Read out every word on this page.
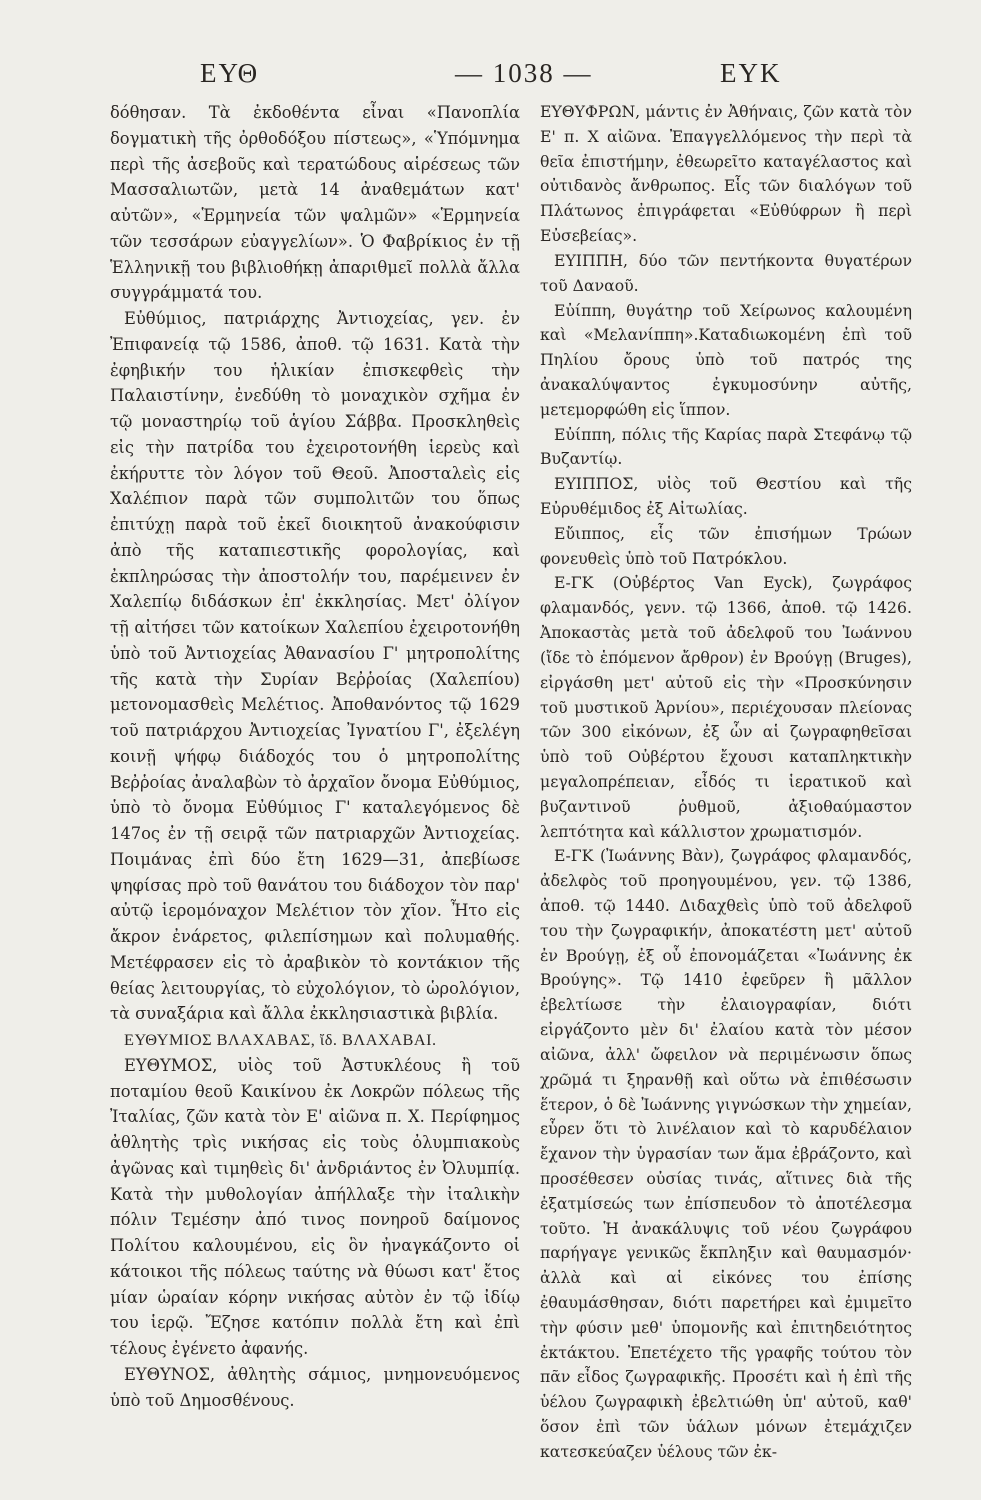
ΕΥΘ	— 1038 —	ΕΥΚ

δόθησαν. Τὰ ἐκδοθέντα εἶναι «Πανοπλία δογματικὴ τῆς ὀρθοδόξου πίστεως», «Ὑπόμνημα περὶ τῆς ἀσεβοῦς καὶ τερατώδους αἱρέσεως τῶν Μασσαλιωτῶν, μετὰ 14 ἀναθεμάτων κατ' αὐτῶν», «Ἑρμηνεία τῶν ψαλμῶν» «Ἑρμηνεία τῶν τεσσάρων εὐαγγελίων». Ὁ Φαβρίκιος ἐν τῇ Ἑλληνικῇ του βιβλιοθήκῃ ἀπαριθμεῖ πολλὰ ἄλλα συγγράμματά του.

Εὐθύμιος, πατριάρχης Ἀντιοχείας, γεν. ἐν Ἐπιφανείᾳ τῷ 1586, ἀποθ. τῷ 1631. Κατὰ τὴν ἐφηβικήν του ἡλικίαν ἐπισκεφθεὶς τὴν Παλαιστίνην, ἐνεδύθη τὸ μοναχικὸν σχῆμα ἐν τῷ μοναστηρίῳ τοῦ ἁγίου Σάββα. Προσκληθεὶς εἰς τὴν πατρίδα του ἐχειροτονήθη ἱερεὺς καὶ ἐκήρυττε τὸν λόγον τοῦ Θεοῦ. Ἀποσταλεὶς εἰς Χαλέπιον παρὰ τῶν συμπολιτῶν του ὅπως ἐπιτύχῃ παρὰ τοῦ ἐκεῖ διοικητοῦ ἀνακούφισιν ἀπὸ τῆς καταπιεστικῆς φορολογίας, καὶ ἐκπληρώσας τὴν ἀποστολήν του, παρέμεινεν ἐν Χαλεπίῳ διδάσκων ἐπ' ἐκκλησίας. Μετ' ὀλίγον τῇ αἰτήσει τῶν κατοίκων Χαλεπίου ἐχειροτονήθη ὑπὸ τοῦ Ἀντιοχείας Ἀθανασίου Γ' μητροπολίτης τῆς κατὰ τὴν Συρίαν Βεῤῥοίας (Χαλεπίου) μετονομασθεὶς Μελέτιος. Ἀποθανόντος τῷ 1629 τοῦ πατριάρχου Ἀντιοχείας Ἰγνατίου Γ', ἐξελέγη κοινῇ ψήφῳ διάδοχός του ὁ μητροπολίτης Βεῤῥοίας ἀναλαβὼν τὸ ἀρχαῖον ὄνομα Εὐθύμιος, ὑπὸ τὸ ὄνομα Εὐθύμιος Γ' καταλεγόμενος δὲ 147ος ἐν τῇ σειρᾷ τῶν πατριαρχῶν Ἀντιοχείας. Ποιμάνας ἐπὶ δύο ἔτη 1629—31, ἀπεβίωσε ψηφίσας πρὸ τοῦ θανάτου του διάδοχον τὸν παρ' αὐτῷ ἱερομόναχον Μελέτιον τὸν χῖον. Ἦτο εἰς ἄκρον ἐνάρετος, φιλεπίσημων καὶ πολυμαθής. Μετέφρασεν εἰς τὸ ἀραβικὸν τὸ κοντάκιον τῆς θείας λειτουργίας, τὸ εὐχολόγιον, τὸ ὡρολόγιον, τὰ συναξάρια καὶ ἄλλα ἐκκλησιαστικὰ βιβλία.

ΕΥΘΥΜΙΟΣ ΒΛΑΧΑΒΑΣ, ἴδ. ΒΛΑΧΑΒΑΙ.

ΕΥΘΥΜΟΣ, υἱὸς τοῦ Ἀστυκλέους ἢ τοῦ ποταμίου θεοῦ Καικίνου ἐκ Λοκρῶν πόλεως τῆς Ἰταλίας, ζῶν κατὰ τὸν Ε' αἰῶνα π. Χ. Περίφημος ἀθλητὴς τρὶς νικήσας εἰς τοὺς ὀλυμπιακοὺς ἀγῶνας καὶ τιμηθεὶς δι' ἀνδριάντος ἐν Ὀλυμπίᾳ. Κατὰ τὴν μυθολογίαν ἀπήλλαξε τὴν ἰταλικὴν πόλιν Τεμέσην ἀπό τινος πονηροῦ δαίμονος Πολίτου καλουμένου, εἰς ὃν ἠναγκάζοντο οἱ κάτοικοι τῆς πόλεως ταύτης νὰ θύωσι κατ' ἔτος μίαν ὡραίαν κόρην νικήσας αὐτὸν ἐν τῷ ἰδίῳ του ἱερῷ. Ἔζησε κατόπιν πολλὰ ἔτη καὶ ἐπὶ τέλους ἐγένετο ἀφανής.

ΕΥΘΥΝΟΣ, ἀθλητὴς σάμιος, μνημονευόμενος ὑπὸ τοῦ Δημοσθένους.

ΕΥΘΥΦΡΩΝ, μάντις ἐν Ἀθήναις, ζῶν κατὰ τὸν Ε' π. Χ αἰῶνα. Ἐπαγγελλόμενος τὴν περὶ τὰ θεῖα ἐπιστήμην, ἐθεωρεῖτο καταγέλαστος καὶ οὐτιδανὸς ἄνθρωπος. Εἷς τῶν διαλόγων τοῦ Πλάτωνος ἐπιγράφεται «Εὐθύφρων ἢ περὶ Εὐσεβείας».

ΕΥΙΠΠΗ, δύο τῶν πεντήκοντα θυγατέρων τοῦ Δαναοῦ.

Εὐίππη, θυγάτηρ τοῦ Χείρωνος καλουμένη καὶ «Μελανίππη».Καταδιωκομένη ἐπὶ τοῦ Πηλίου ὄρους ὑπὸ τοῦ πατρός της ἀνακαλύψαντος ἐγκυμοσύνην αὐτῆς, μετεμορφώθη εἰς ἵππον.

Εὐίππη, πόλις τῆς Καρίας παρὰ Στεφάνῳ τῷ Βυζαντίῳ.

ΕΥΙΠΠΟΣ, υἱὸς τοῦ Θεστίου καὶ τῆς Εὐρυθέμιδος ἐξ Αἰτωλίας.

Εὔιππος, εἷς τῶν ἐπισήμων Τρώων φονευθεὶς ὑπὸ τοῦ Πατρόκλου.

Ε-ΓΚ (Οὐβέρτος Van Eyck), ζωγράφος φλαμανδός, γενν. τῷ 1366, ἀποθ. τῷ 1426. Ἀποκαστὰς μετὰ τοῦ ἀδελφοῦ του Ἰωάννου (ἴδε τὸ ἑπόμενον ἄρθρον) ἐν Βρούγῃ (Bruges), εἰργάσθη μετ' αὐτοῦ εἰς τὴν «Προσκύνησιν τοῦ μυστικοῦ Ἀρνίου», περιέχουσαν πλείονας τῶν 300 εἰκόνων, ἐξ ὧν αἱ ζωγραφηθεῖσαι ὑπὸ τοῦ Οὐβέρτου ἔχουσι καταπληκτικὴν μεγαλοπρέπειαν, εἶδός τι ἱερατικοῦ καὶ βυζαντινοῦ ῥυθμοῦ, ἀξιοθαύμαστον λεπτότητα καὶ κάλλιστον χρωματισμόν.

Ε-ΓΚ (Ἰωάννης Βὰν), ζωγράφος φλαμανδός, ἀδελφὸς τοῦ προηγουμένου, γεν. τῷ 1386, ἀποθ. τῷ 1440. Διδαχθεὶς ὑπὸ τοῦ ἀδελφοῦ του τὴν ζωγραφικήν, ἀποκατέστη μετ' αὐτοῦ ἐν Βρούγῃ, ἐξ οὗ ἐπονομάζεται «Ἰωάννης ἐκ Βρούγης». Τῷ 1410 ἐφεῦρεν ἢ μᾶλλον ἐβελτίωσε τὴν ἐλαιογραφίαν, διότι εἰργάζοντο μὲν δι' ἐλαίου κατὰ τὸν μέσον αἰῶνα, ἀλλ' ὤφειλον νὰ περιμένωσιν ὅπως χρῶμά τι ξηρανθῇ καὶ οὕτω νὰ ἐπιθέσωσιν ἕτερον, ὁ δὲ Ἰωάννης γιγνώσκων τὴν χημείαν, εὗρεν ὅτι τὸ λινέλαιον καὶ τὸ καρυδέλαιον ἔχανον τὴν ὑγρασίαν των ἅμα ἐβράζοντο, καὶ προσέθεσεν οὐσίας τινάς, αἵτινες διὰ τῆς ἐξατμίσεώς των ἐπίσπευδον τὸ ἀποτέλεσμα τοῦτο. Ἡ ἀνακάλυψις τοῦ νέου ζωγράφου παρήγαγε γενικῶς ἔκπληξιν καὶ θαυμασμόν· ἀλλὰ καὶ αἱ εἰκόνες του ἐπίσης ἐθαυμάσθησαν, διότι παρετήρει καὶ ἐμιμεῖτο τὴν φύσιν μεθ' ὑπομονῆς καὶ ἐπιτηδειότητος ἐκτάκτου. Ἐπετέχετο τῆς γραφῆς τούτου τὸν πᾶν εἶδος ζωγραφικῆς. Προσέτι καὶ ἡ ἐπὶ τῆς ὑέλου ζωγραφικὴ ἐβελτιώθη ὑπ' αὐτοῦ, καθ' ὅσον ἐπὶ τῶν ὑάλων μόνων ἐτεμάχιζεν κατεσκεύαζεν ὑέλους τῶν ἐκ-
